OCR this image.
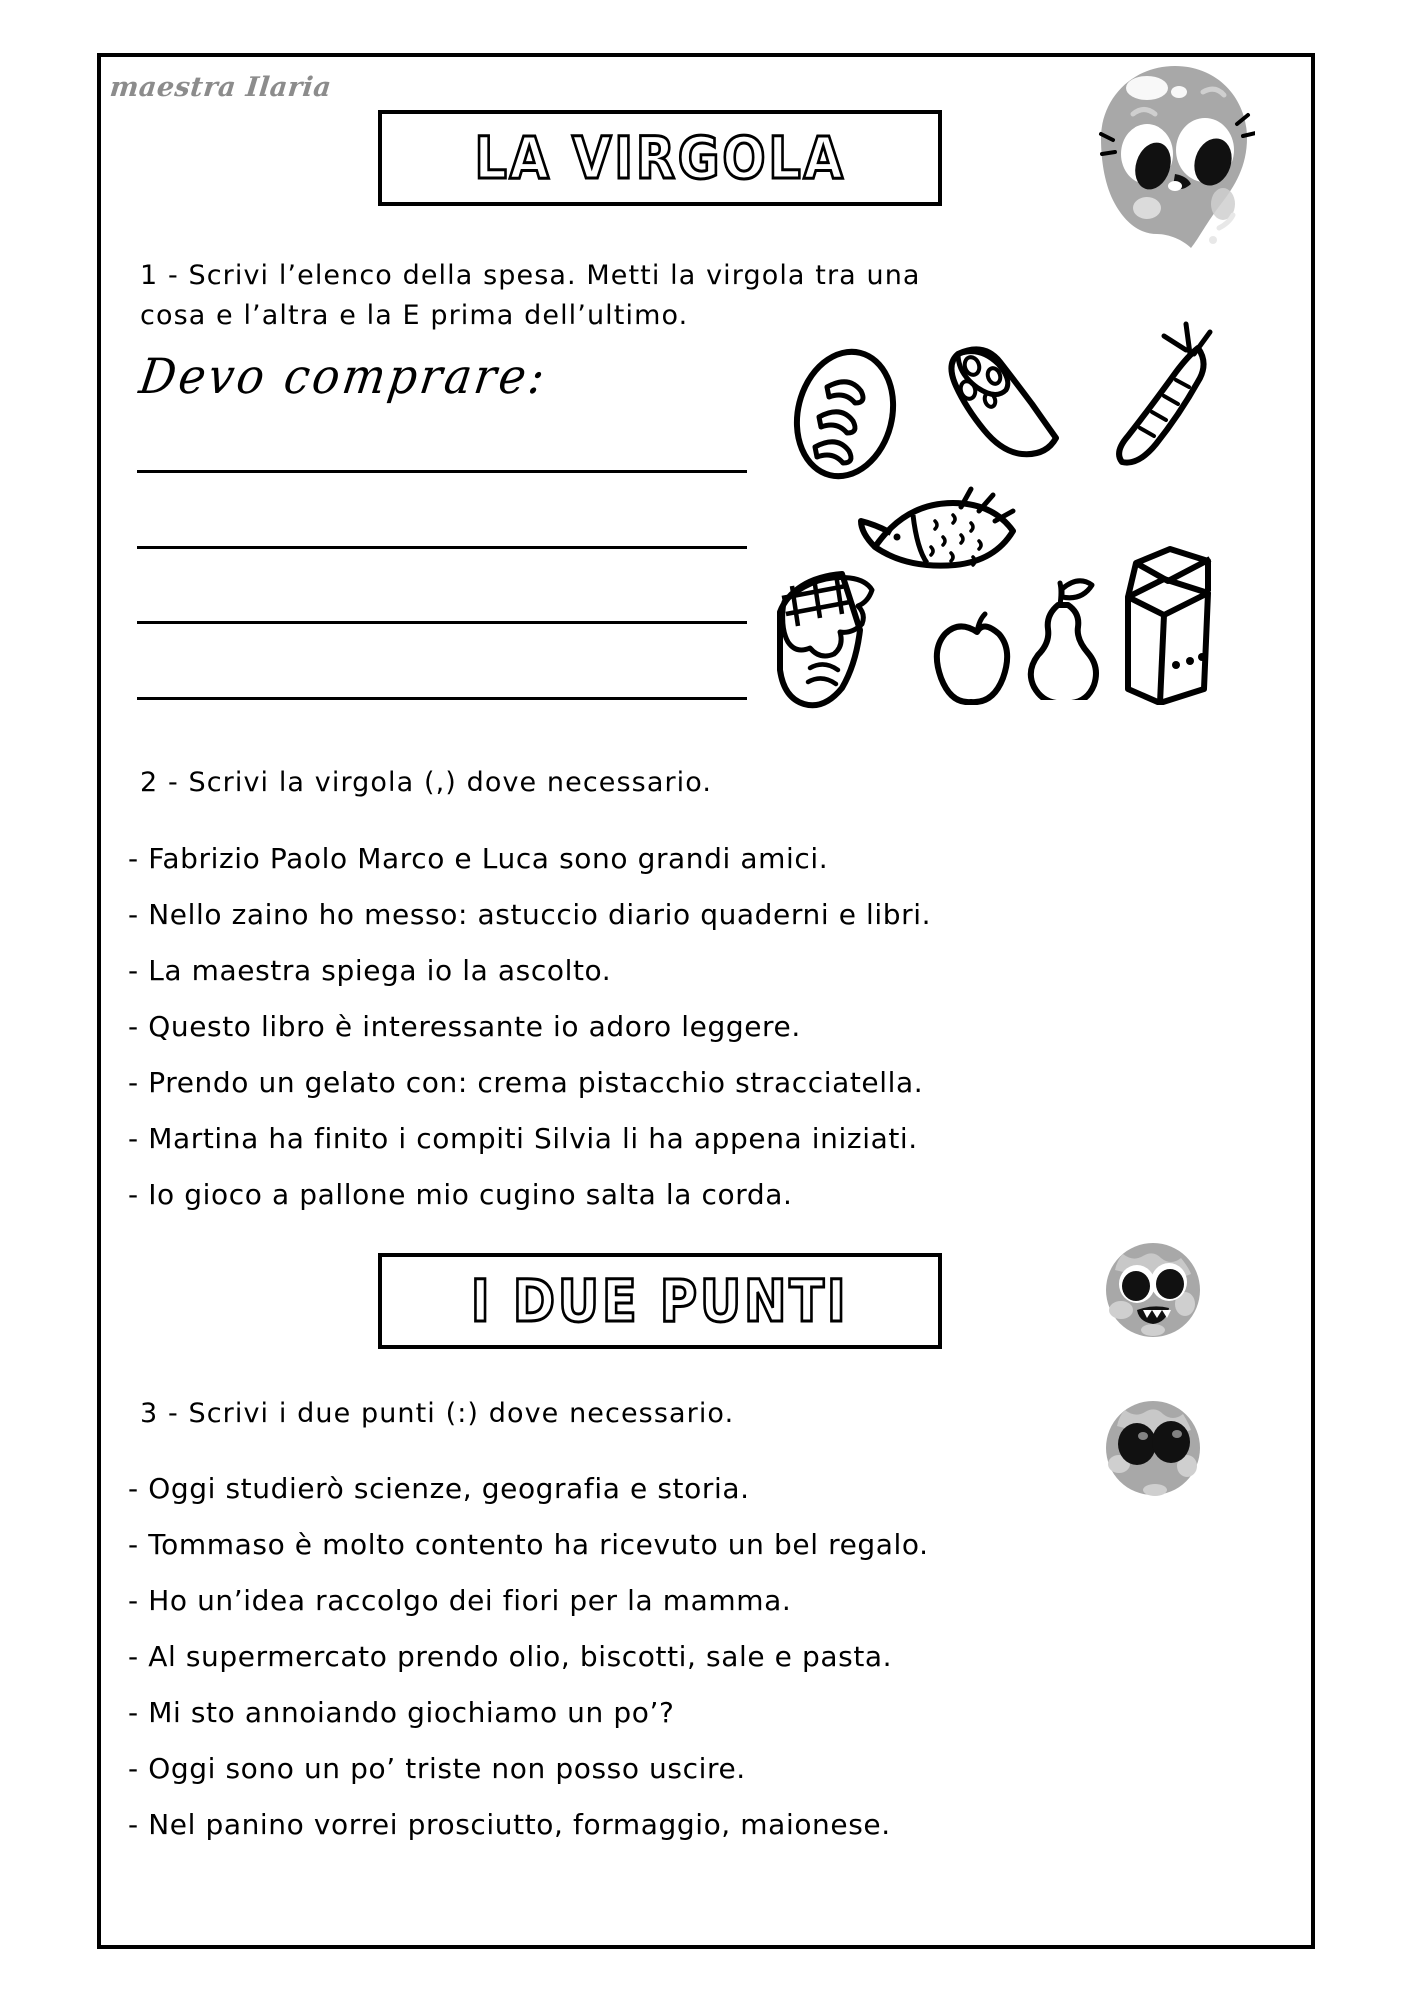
maestra Ilaria
LA VIRGOLA
1 - Scrivi l’elenco della spesa. Metti la virgola tra una
cosa e l’altra e la E prima dell’ultimo.
Devo comprare:
2 - Scrivi la virgola (,) dove necessario.
- Fabrizio Paolo Marco e Luca sono grandi amici.
- Nello zaino ho messo: astuccio diario quaderni e libri.
- La maestra spiega io la ascolto.
- Questo libro è interessante io adoro leggere.
- Prendo un gelato con: crema pistacchio stracciatella.
- Martina ha finito i compiti Silvia li ha appena iniziati.
- Io gioco a pallone mio cugino salta la corda.
I DUE PUNTI
3 - Scrivi i due punti (:) dove necessario.
- Oggi studierò scienze, geografia e storia.
- Tommaso è molto contento ha ricevuto un bel regalo.
- Ho un’idea raccolgo dei fiori per la mamma.
- Al supermercato prendo olio, biscotti, sale e pasta.
- Mi sto annoiando giochiamo un po’?
- Oggi sono un po’ triste non posso uscire.
- Nel panino vorrei prosciutto, formaggio, maionese.
